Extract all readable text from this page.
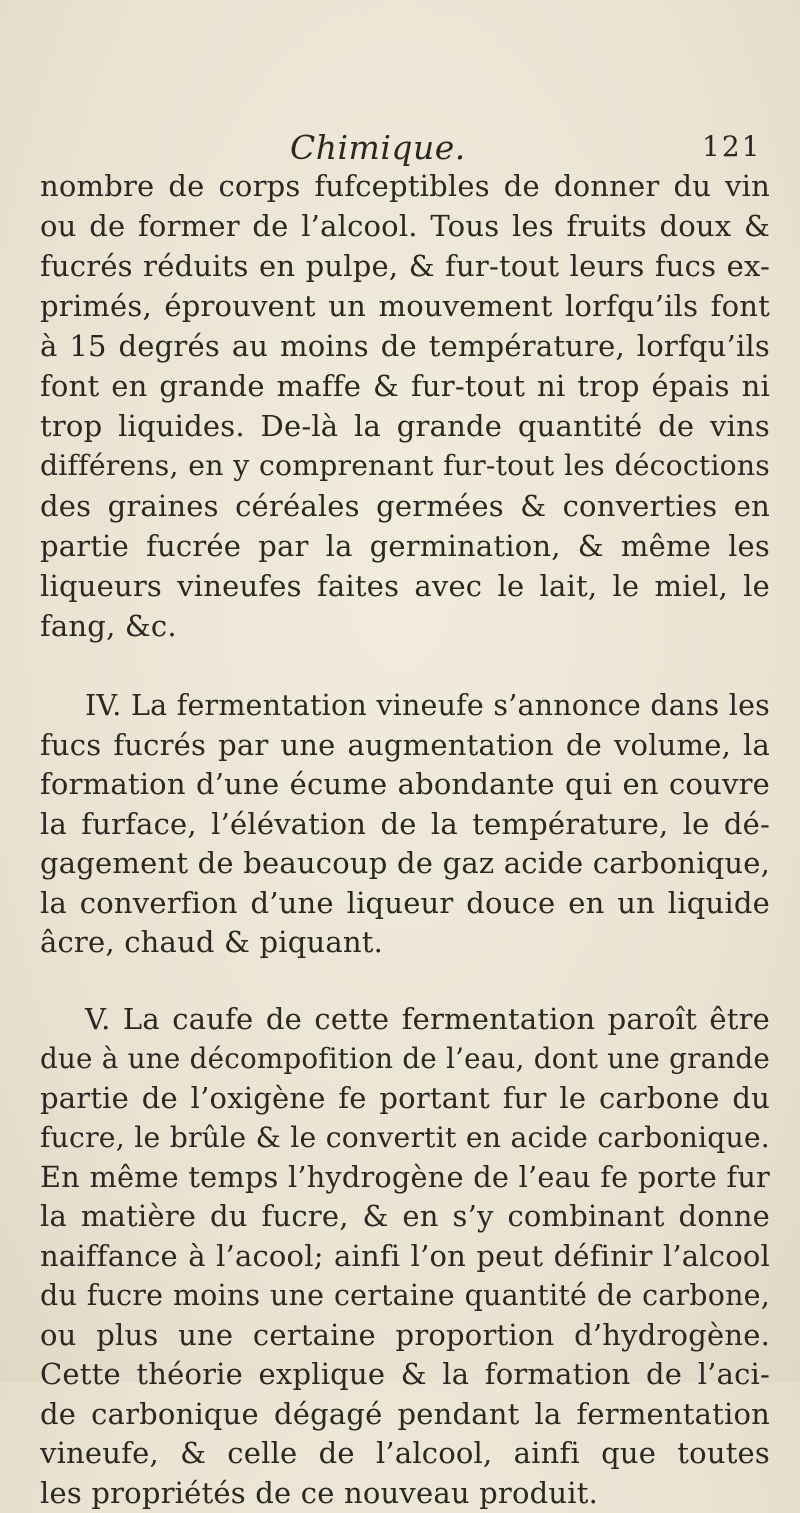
Chimique.	121

nombre de corps fufceptibles de donner du vin
ou de former de l’alcool. Tous les fruits doux &
fucrés réduits en pulpe, & fur-tout leurs fucs ex-
primés, éprouvent un mouvement lorfqu’ils font
à 15 degrés au moins de température, lorfqu’ils
font en grande maffe & fur-tout ni trop épais ni
trop liquides. De-là la grande quantité de vins
différens, en y comprenant fur-tout les décoctions
des graines céréales germées & converties en
partie fucrée par la germination, & même les
liqueurs vineufes faites avec le lait, le miel, le
fang, &c.

IV. La fermentation vineufe s’annonce dans les
fucs fucrés par une augmentation de volume, la
formation d’une écume abondante qui en couvre
la furface, l’élévation de la température, le dé-
gagement de beaucoup de gaz acide carbonique,
la converfion d’une liqueur douce en un liquide
âcre, chaud & piquant.

V. La caufe de cette fermentation paroît être
due à une décompofition de l’eau, dont une grande
partie de l’oxigène fe portant fur le carbone du
fucre, le brûle & le convertit en acide carbonique.
En même temps l’hydrogène de l’eau fe porte fur
la matière du fucre, & en s’y combinant donne
naiffance à l’acool; ainfi l’on peut définir l’alcool
du fucre moins une certaine quantité de carbone,
ou plus une certaine proportion d’hydrogène.
Cette théorie explique & la formation de l’aci-
de carbonique dégagé pendant la fermentation
vineufe, & celle de l’alcool, ainfi que toutes
les propriétés de ce nouveau produit.
